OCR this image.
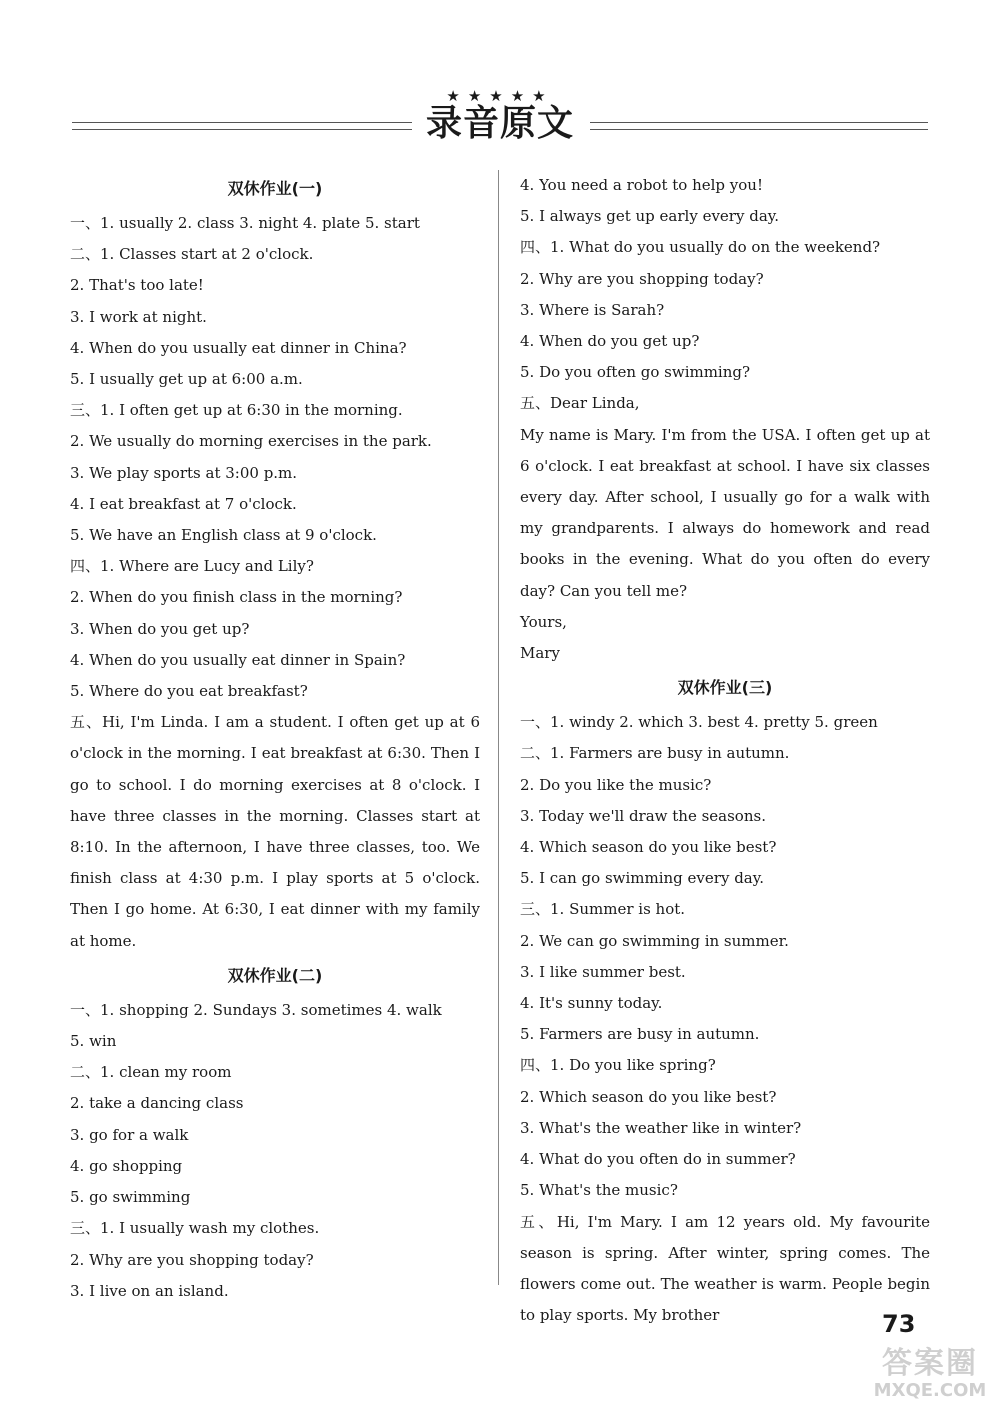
★★★★★
录音原文
双休作业(一)
一、1. usually 2. class 3. night 4. plate 5. start
二、1. Classes start at 2 o'clock.
2. That's too late!
3. I work at night.
4. When do you usually eat dinner in China?
5. I usually get up at 6:00 a.m.
三、1. I often get up at 6:30 in the morning.
2. We usually do morning exercises in the park.
3. We play sports at 3:00 p.m.
4. I eat breakfast at 7 o'clock.
5. We have an English class at 9 o'clock.
四、1. Where are Lucy and Lily?
2. When do you finish class in the morning?
3. When do you get up?
4. When do you usually eat dinner in Spain?
5. Where do you eat breakfast?
五、Hi, I'm Linda. I am a student. I often get up at 6 o'clock in the morning. I eat breakfast at 6:30. Then I go to school. I do morning exercises at 8 o'clock. I have three classes in the morning. Classes start at 8:10. In the afternoon, I have three classes, too. We finish class at 4:30 p.m. I play sports at 5 o'clock. Then I go home. At 6:30, I eat dinner with my family at home.
双休作业(二)
一、1. shopping 2. Sundays 3. sometimes 4. walk
5. win
二、1. clean my room
2. take a dancing class
3. go for a walk
4. go shopping
5. go swimming
三、1. I usually wash my clothes.
2. Why are you shopping today?
3. I live on an island.
4. You need a robot to help you!
5. I always get up early every day.
四、1. What do you usually do on the weekend?
2. Why are you shopping today?
3. Where is Sarah?
4. When do you get up?
5. Do you often go swimming?
五、Dear Linda,
My name is Mary. I'm from the USA. I often get up at 6 o'clock. I eat breakfast at school. I have six classes every day. After school, I usually go for a walk with my grandparents. I always do homework and read books in the evening. What do you often do every day? Can you tell me?
Yours,
Mary
双休作业(三)
一、1. windy 2. which 3. best 4. pretty 5. green
二、1. Farmers are busy in autumn.
2. Do you like the music?
3. Today we'll draw the seasons.
4. Which season do you like best?
5. I can go swimming every day.
三、1. Summer is hot.
2. We can go swimming in summer.
3. I like summer best.
4. It's sunny today.
5. Farmers are busy in autumn.
四、1. Do you like spring?
2. Which season do you like best?
3. What's the weather like in winter?
4. What do you often do in summer?
5. What's the music?
五、Hi, I'm Mary. I am 12 years old. My favourite season is spring. After winter, spring comes. The flowers come out. The weather is warm. People begin to play sports. My brother	73
答案圈
MXQE.COM
